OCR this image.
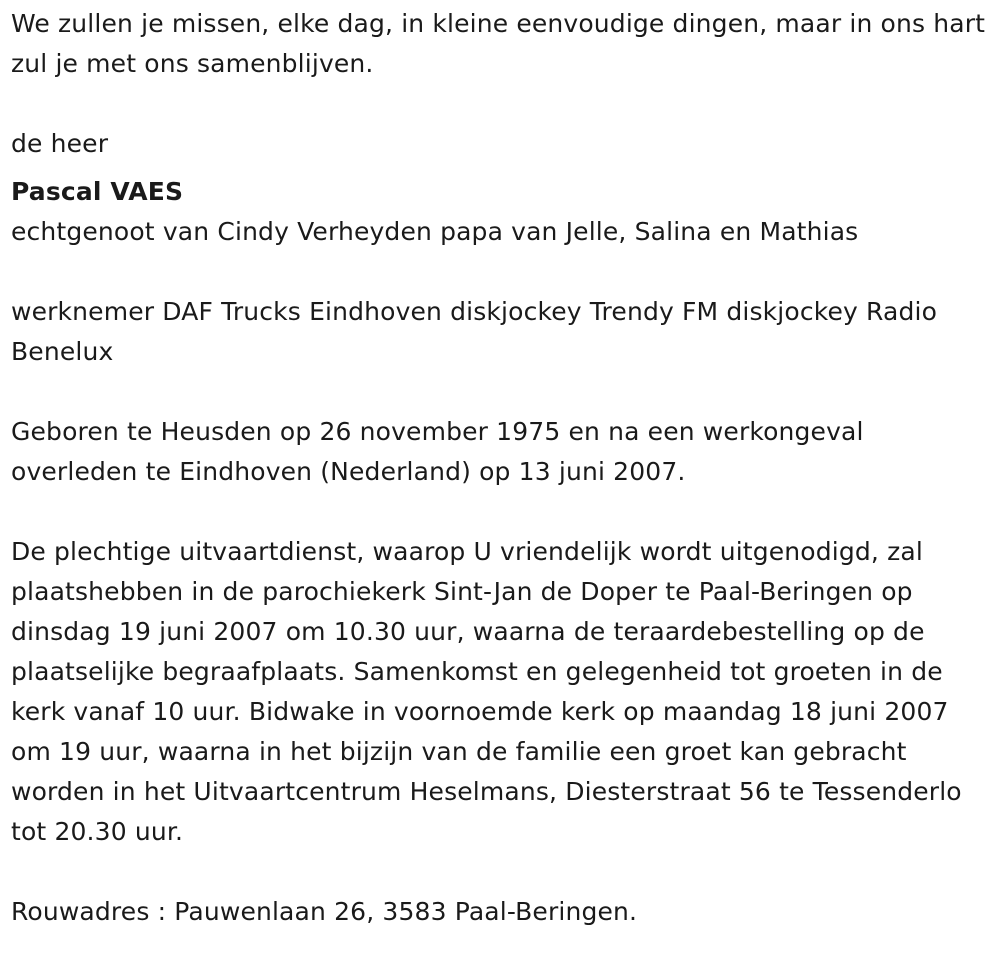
We zullen je missen, elke dag, in kleine eenvoudige dingen, maar in ons hart zul je met ons samenblijven.

de heer

Pascal VAES

echtgenoot van Cindy Verheyden papa van Jelle, Salina en Mathias

werknemer DAF Trucks Eindhoven diskjockey Trendy FM diskjockey Radio Benelux

Geboren te Heusden op 26 november 1975 en na een werkongeval overleden te Eindhoven (Nederland) op 13 juni 2007.

De plechtige uitvaartdienst, waarop U vriendelijk wordt uitgenodigd, zal plaatshebben in de parochiekerk Sint-Jan de Doper te Paal-Beringen op dinsdag 19 juni 2007 om 10.30 uur, waarna de teraardebestelling op de plaatselijke begraafplaats. Samenkomst en gelegenheid tot groeten in de kerk vanaf 10 uur. Bidwake in voornoemde kerk op maandag 18 juni 2007 om 19 uur, waarna in het bijzijn van de familie een groet kan gebracht worden in het Uitvaartcentrum Heselmans, Diesterstraat 56 te Tessenderlo tot 20.30 uur.

Rouwadres : Pauwenlaan 26, 3583 Paal-Beringen.
